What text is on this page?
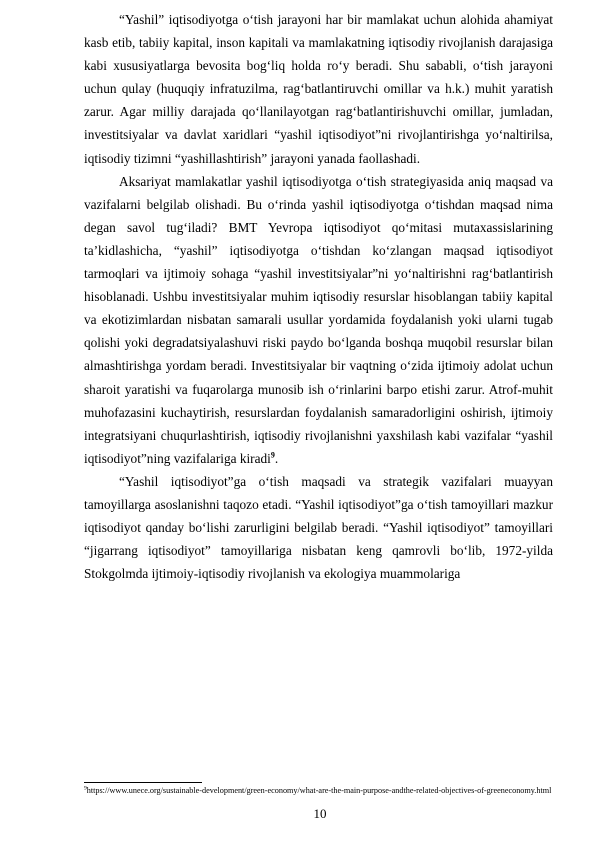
“Yashil” iqtisodiyotga o‘tish jarayoni har bir mamlakat uchun alohida ahamiyat kasb etib, tabiiy kapital, inson kapitali va mamlakatning iqtisodiy rivojlanish darajasiga kabi xususiyatlarga bevosita bog‘liq holda ro‘y beradi. Shu sababli, o‘tish jarayoni uchun qulay (huquqiy infratuzilma, rag‘batlantiruvchi omillar va h.k.) muhit yaratish zarur. Agar milliy darajada qo‘llanilayotgan rag‘batlantirishuvchi omillar, jumladan, investitsiyalar va davlat xaridlari “yashil iqtisodiyot”ni rivojlantirishga yo‘naltirilsa, iqtisodiy tizimni “yashillashtirish” jarayoni yanada faollashadi.

Aksariyat mamlakatlar yashil iqtisodiyotga o‘tish strategiyasida aniq maqsad va vazifalarni belgilab olishadi. Bu o‘rinda yashil iqtisodiyotga o‘tishdan maqsad nima degan savol tug‘iladi? BMT Yevropa iqtisodiyot qo‘mitasi mutaxassislarining ta’kidlashicha, “yashil” iqtisodiyotga o‘tishdan ko‘zlangan maqsad iqtisodiyot tarmoqlari va ijtimoiy sohaga “yashil investitsiyalar”ni yo‘naltirishni rag‘batlantirish hisoblanadi. Ushbu investitsiyalar muhim iqtisodiy resurslar hisoblangan tabiiy kapital va ekotizimlardan nisbatan samarali usullar yordamida foydalanish yoki ularni tugab qolishi yoki degradatsiyalashuvi riski paydo bo‘lganda boshqa muqobil resurslar bilan almashtirishga yordam beradi. Investitsiyalar bir vaqtning o‘zida ijtimoiy adolat uchun sharoit yaratishi va fuqarolarga munosib ish o‘rinlarini barpo etishi zarur. Atrof-muhit muhofazasini kuchaytirish, resurslardan foydalanish samaradorligini oshirish, ijtimoiy integratsiyani chuqurlashtirish, iqtisodiy rivojlanishni yaxshilash kabi vazifalar “yashil iqtisodiyot”ning vazifalariga kiradi$^9$.

“Yashil iqtisodiyot”ga o‘tish maqsadi va strategik vazifalari muayyan tamoyillarga asoslanishni taqozo etadi. “Yashil iqtisodiyot”ga o‘tish tamoyillari mazkur iqtisodiyot qanday bo‘lishi zarurligini belgilab beradi. “Yashil iqtisodiyot” tamoyillari “jigarrang iqtisodiyot” tamoyillariga nisbatan keng qamrovli bo‘lib, 1972-yilda Stokgolmda ijtimoiy-iqtisodiy rivojlanish va ekologiya muammolariga

$^9$https://www.unece.org/sustainable-development/green-economy/what-are-the-main-purpose-andthe-related-objectives-of-greeneconomy.html
10
